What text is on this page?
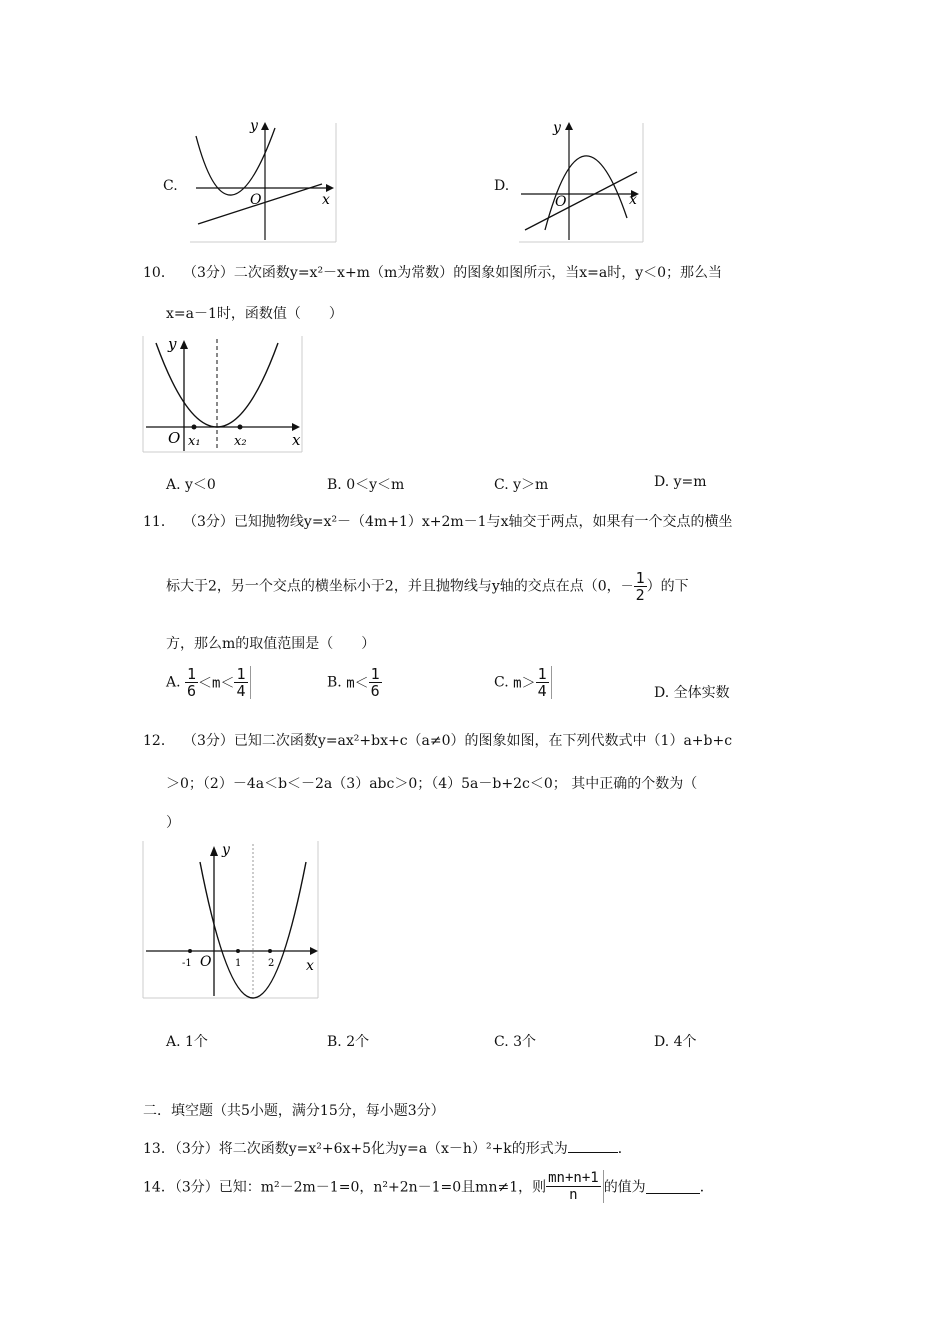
C.
y
x
O
D.
y
x
O
10． （3分）二次函数y=x²－x+m（m为常数）的图象如图所示，当x=a时，y＜0；那么当
x=a－1时，函数值（　　）
y
x
O x₁	x₂
A. y＜0	B. 0＜y＜m	C. y＞m	D. y=m
11． （3分）已知抛物线y=x²－（4m+1）x+2m－1与x轴交于两点，如果有一个交点的横坐
标大于2，另一个交点的横坐标小于2，并且抛物线与y轴的交点在点（0，－ $\frac{1}{2}$ ）的下
方，那么m的取值范围是（　　）
A. $\frac{1}{6} <m< \frac{1}{4}$	B. $m< \frac{1}{6}$	C. $m> \frac{1}{4}$	D. 全体实数
12． （3分）已知二次函数y=ax²+bx+c（a≠0）的图象如图，在下列代数式中（1）a+b+c
＞0；（2）－4a＜b＜－2a（3）abc＞0；（4）5a－b+2c＜0； 其中正确的个数为（
）
y
x
O
-1	1	2
A. 1个	B. 2个	C. 3个	D. 4个
二．填空题（共5小题，满分15分，每小题3分）
13．（3分）将二次函数y=x²+6x+5化为y=a（x－h）²+k的形式为	．
14．（3分）已知：m²－2m－1=0，n²+2n－1=0且mn≠1，则 $\frac{mn+n+1}{n}$ 的值为	．
